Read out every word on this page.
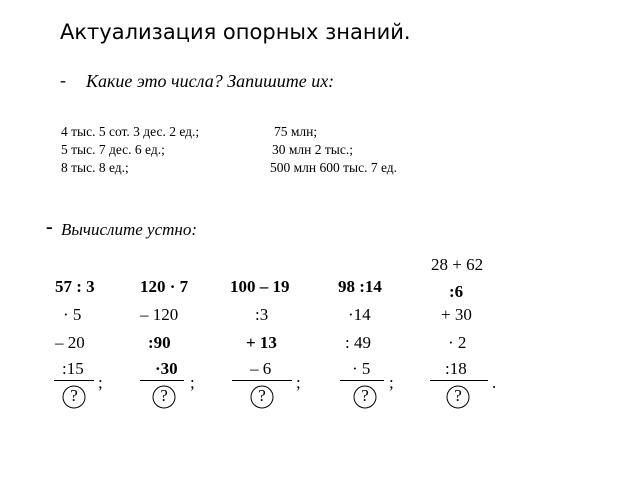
Актуализация опорных знаний.
- Какие это числа? Запишите их:
4 тыс. 5 сот. 3 дес. 2 ед.;	75 млн;
5 тыс. 7 дес. 6 ед.;	30 млн 2 тыс.;
8 тыс. 8 ед.;	500 млн 600 тыс. 7 ед.
- Вычислите устно:
57 : 3
· 5
– 20
:15
;
?
120 · 7
– 120
:90
·30
;
?
100 – 19
:3
+ 13
– 6
;
?
98 :14
·14
: 49
· 5
;
?
28 + 62
:6
+ 30
· 2
:18
.
?
